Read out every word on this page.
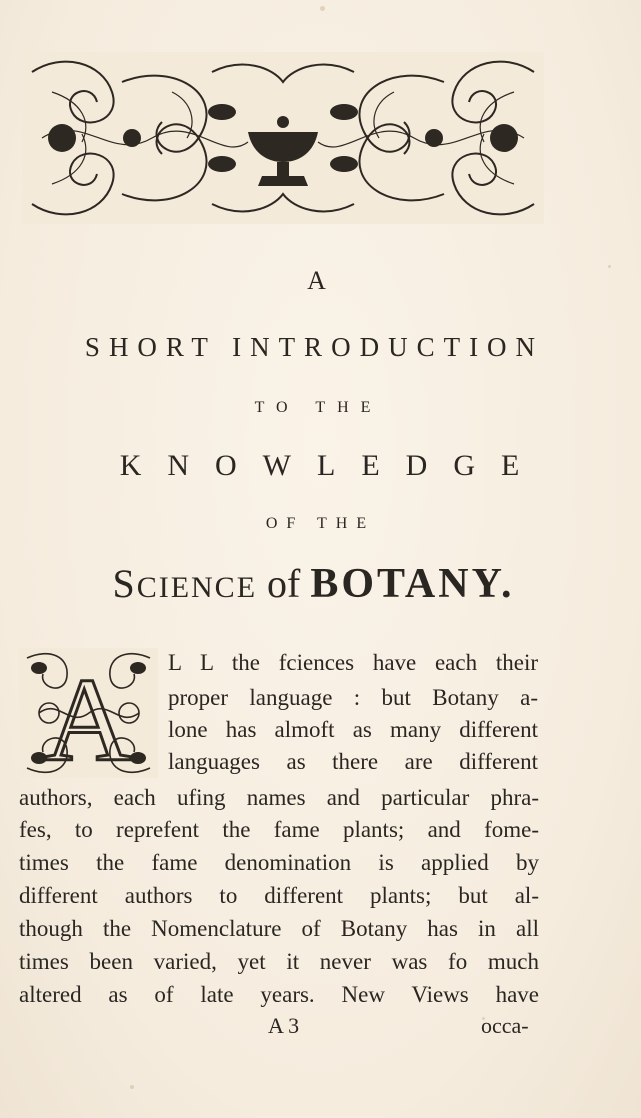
A
SHORT INTRODUCTION
TO THE
KNOWLEDGE
OF THE
SCIENCE of BOTANY.
A L L the fciences have each their
proper language : but Botany a-
lone has almoft as many different
languages as there are different
authors, each ufing names and particular phra-
fes, to reprefent the fame plants; and fome-
times the fame denomination is applied by
different authors to different plants; but al-
though the Nomenclature of Botany has in all
times been varied, yet it never was fo much
altered as of late years. New Views have
A 3	occa-
